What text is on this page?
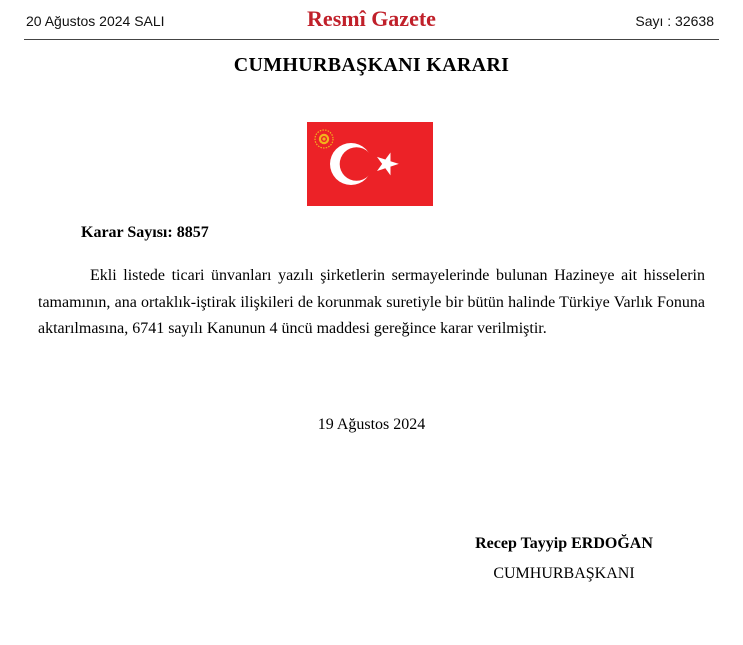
20 Ağustos 2024 SALI	Resmî Gazete	Sayı : 32638
CUMHURBAŞKANI KARARI
Karar Sayısı: 8857
Ekli listede ticari ünvanları yazılı şirketlerin sermayelerinde bulunan Hazineye ait hisselerin tamamının, ana ortaklık-iştirak ilişkileri de korunmak suretiyle bir bütün halinde Türkiye Varlık Fonuna aktarılmasına, 6741 sayılı Kanunun 4 üncü maddesi gereğince karar verilmiştir.
19 Ağustos 2024
Recep Tayyip ERDOĞAN
CUMHURBAŞKANI
